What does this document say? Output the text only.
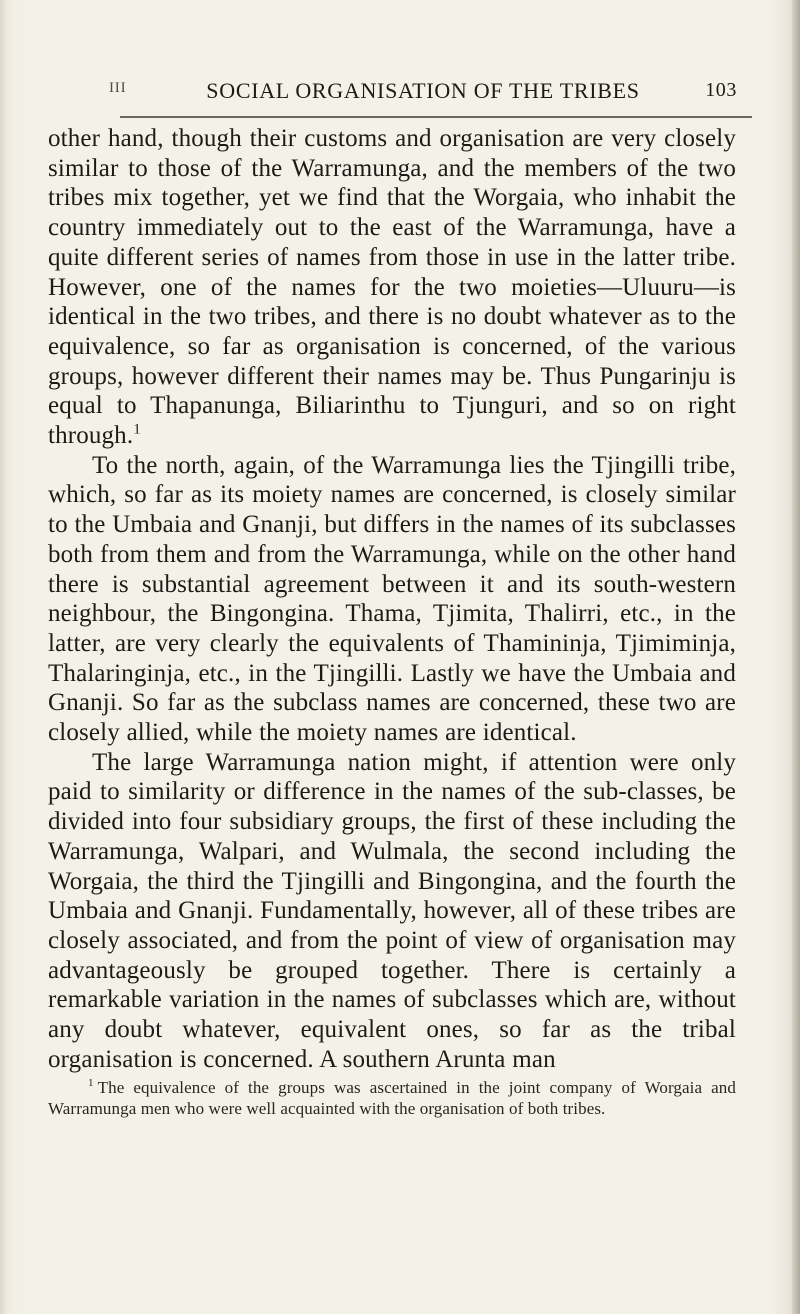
III	SOCIAL ORGANISATION OF THE TRIBES	103

other hand, though their customs and organisation are very closely similar to those of the Warramunga, and the members of the two tribes mix together, yet we find that the Worgaia, who inhabit the country immediately out to the east of the Warramunga, have a quite different series of names from those in use in the latter tribe. However, one of the names for the two moieties—Uluuru—is identical in the two tribes, and there is no doubt whatever as to the equivalence, so far as organisation is concerned, of the various groups, however different their names may be. Thus Pungarinju is equal to Thapanunga, Biliarinthu to Tjunguri, and so on right through.$^1$

To the north, again, of the Warramunga lies the Tjingilli tribe, which, so far as its moiety names are concerned, is closely similar to the Umbaia and Gnanji, but differs in the names of its subclasses both from them and from the Warramunga, while on the other hand there is substantial agreement between it and its south-western neighbour, the Bingongina. Thama, Tjimita, Thalirri, etc., in the latter, are very clearly the equivalents of Thamininja, Tjimiminja, Thalaringinja, etc., in the Tjingilli. Lastly we have the Umbaia and Gnanji. So far as the subclass names are concerned, these two are closely allied, while the moiety names are identical.

The large Warramunga nation might, if attention were only paid to similarity or difference in the names of the sub-classes, be divided into four subsidiary groups, the first of these including the Warramunga, Walpari, and Wulmala, the second including the Worgaia, the third the Tjingilli and Bingongina, and the fourth the Umbaia and Gnanji. Fundamentally, however, all of these tribes are closely associated, and from the point of view of organisation may advantageously be grouped together. There is certainly a remarkable variation in the names of subclasses which are, without any doubt whatever, equivalent ones, so far as the tribal organisation is concerned. A southern Arunta man

$^1$ The equivalence of the groups was ascertained in the joint company of Worgaia and Warramunga men who were well acquainted with the organisation of both tribes.
